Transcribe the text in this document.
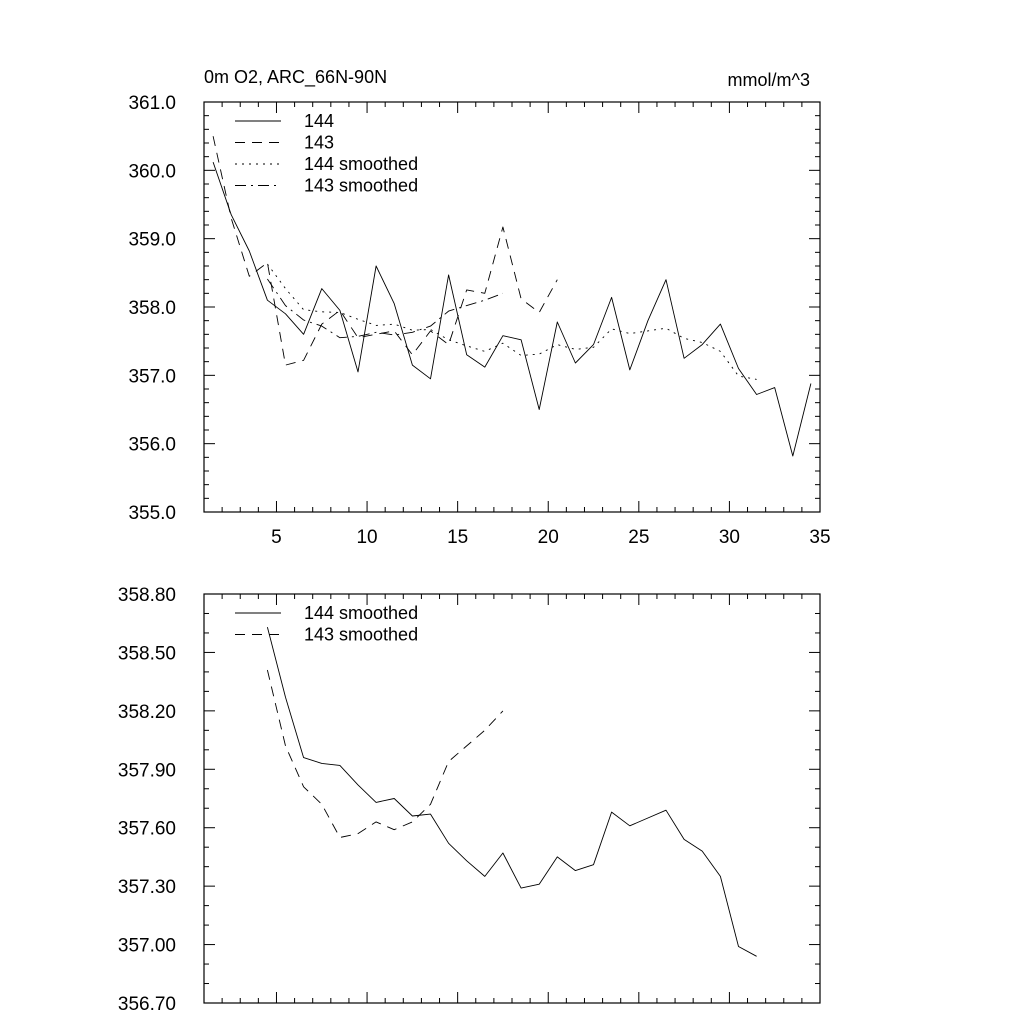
5	10	15	20	25	30	35
355.0
356.0
357.0
358.0
359.0
360.0
361.0
144
143
144 smoothed
143 smoothed
0m O2, ARC_66N-90N	mmol/m^3
356.70
357.00
357.30
357.60
357.90
358.20
358.50
358.80
144 smoothed
143 smoothed
